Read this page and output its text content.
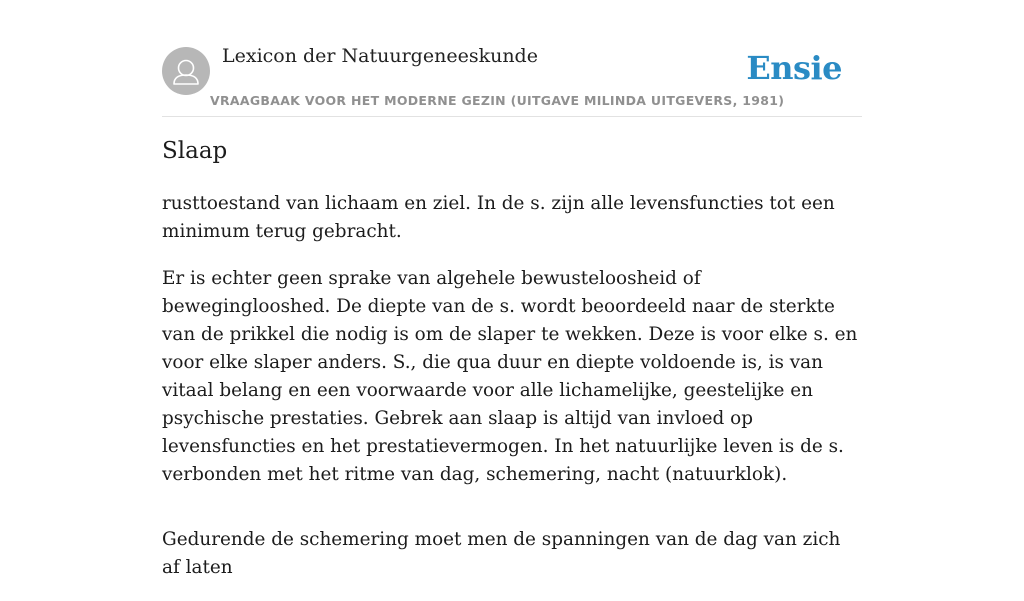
Lexicon der Natuurgeneeskunde
VRAAGBAAK VOOR HET MODERNE GEZIN (UITGAVE MILINDA UITGEVERS, 1981)
Ensie
Slaap

rusttoestand van lichaam en ziel. In de s. zijn alle levensfuncties tot een minimum terug gebracht.

Er is echter geen sprake van algehele bewusteloosheid of beweginglooshed. De diepte van de s. wordt beoordeeld naar de sterkte van de prikkel die nodig is om de slaper te wekken. Deze is voor elke s. en voor elke slaper anders. S., die qua duur en diepte voldoende is, is van vitaal belang en een voorwaarde voor alle lichamelijke, geestelijke en psychische prestaties. Gebrek aan slaap is altijd van invloed op levensfuncties en het prestatievermogen. In het natuurlijke leven is de s. verbonden met het ritme van dag, schemering, nacht (natuurklok).

Gedurende de schemering moet men de spanningen van de dag van zich af laten
